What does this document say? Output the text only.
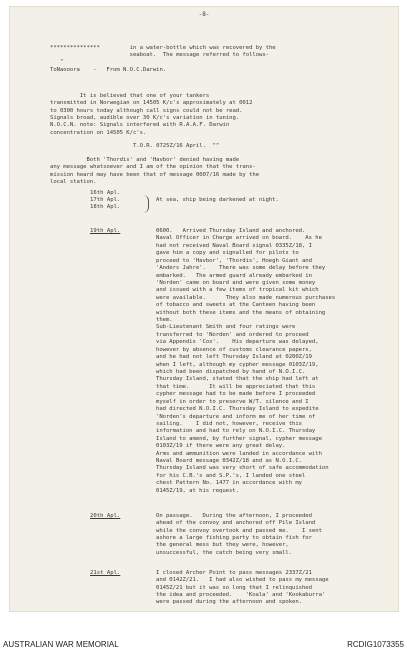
-8-
***************         in a water-bottle which was recovered by the
seaboat.  The message referred to follows-
"
ToNaooora    -   From N.O.C.Darwin.
It is believed that one of your tankers
transmitted in Norwegian on 14505 K/c's approximately at 0012
to 0300 hours today although call signs could not be read.
Signals broad, audible over 30 K/c's variation in tuning.
N.O.C.N. note: Signals interfered with R.A.A.F. Darwin
concentration on 14505 K/c's.
T.O.R. 0725Z/16 April.  ""
Both 'Thordis' and 'Havbor' denied having made
any message whatsoever and I am of the opinion that the trans-
mission heard may have been that of message 0007/16 made by the
local station.
16th Apl.
17th Apl.
18th Apl.
At sea, ship being darkened at night.
19th Apl.	0600.   Arrived Thursday Island and anchored.
Naval Officer in Charge arrived on board.    As he
had not received Naval Board signal 0335Z/18, I
gave him a copy and signalled for pilots to
proceed to 'Havbor', 'Thordis', Hoegh Giant and
'Anders Jahre'.    There was some delay before they
embarked.   The armed guard already embarked in
'Norden' came on board and were given some money
and issued with a few items of tropical kit which
were available.      They also made numerous purchases
of tobacco and sweets at the Canteen having been
without both these items and the means of obtaining
them.
Sub-Lieutenant Smith and four ratings were
transferred to 'Norden' and ordered to proceed
via Appendix 'Cox'.    His departure was delayed,
however by absence of customs clearance papers,
and he had not left Thursday Island at 0200Z/19
when I left, although my cypher message 0103Z/19,
which had been dispatched by hand of N.O.I.C.
Thursday Island, stated that the ship had left at
that time.      It will be appreciated that this
cypher message had to be made before I proceeded
myself in order to preserve W/T. silence and I
had directed N.O.I.C. Thursday Island to expedite
'Norden's departure and inform me of her time of
sailing.    I did not, however, receive this
information and had to rely on N.O.I.C. Thursday
Island to amend, by further signal, cypher message
0103Z/19 if there were any great delay.
Arms and ammunition were landed in accordance with
Naval Board message 0342Z/18 and as N.O.I.C.
Thursday Island was very short of safe accommodation
for his C.B.'s and S.P.'s, I landed one steel
chest Pattern No. 1477 in accordance with my
0145Z/19, at his request.
20th Apl.	On passage.   During the afternoon, I proceeded
ahead of the convoy and anchored off Pile Island
while the convoy overtook and passed me.    I sent
ashore a large fishing party to obtain fish for
the general mess but they were, however,
unsuccessful, the catch being very small.
21st Apl.	I closed Archer Point to pass messages 2337Z/21
and 0142Z/21.   I had also wished to pass my message
0145Z/21 but it was so long that I relinquished
the idea and proceeded.    'Koala' and 'Kookaburra'
were passed during the afternoon and spoken.
AUSTRALIAN WAR MEMORIAL	RCDIG1073355
